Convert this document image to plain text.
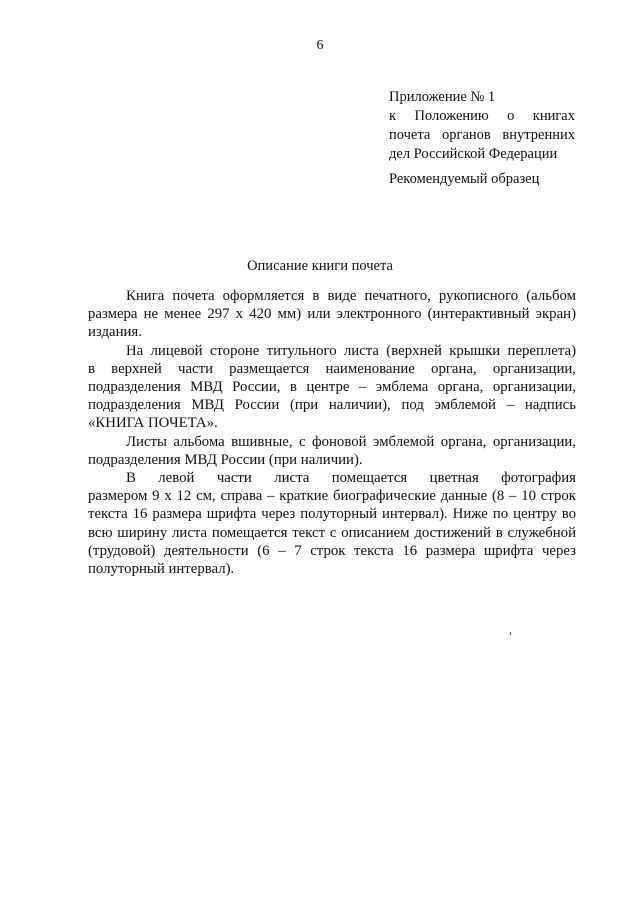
6
Приложение № 1
к Положению о книгах
почета органов внутренних
дел Российской Федерации
Рекомендуемый образец
Описание книги почета

Книга почета оформляется в виде печатного, рукописного (альбом
размера не менее 297 х 420 мм) или электронного (интерактивный экран)
издания.

На лицевой стороне титульного листа (верхней крышки переплета)
в верхней части размещается наименование органа, организации,
подразделения МВД России, в центре – эмблема органа, организации,
подразделения МВД России (при наличии), под эмблемой – надпись
«КНИГА ПОЧЕТА».

Листы альбома вшивные, с фоновой эмблемой органа, организации,
подразделения МВД России (при наличии).

В левой части листа помещается цветная фотография
размером 9 х 12 см, справа – краткие биографические данные (8 – 10 строк
текста 16 размера шрифта через полуторный интервал). Ниже по центру во
всю ширину листа помещается текст с описанием достижений в служебной
(трудовой) деятельности (6 – 7 строк текста 16 размера шрифта через
полуторный интервал).
